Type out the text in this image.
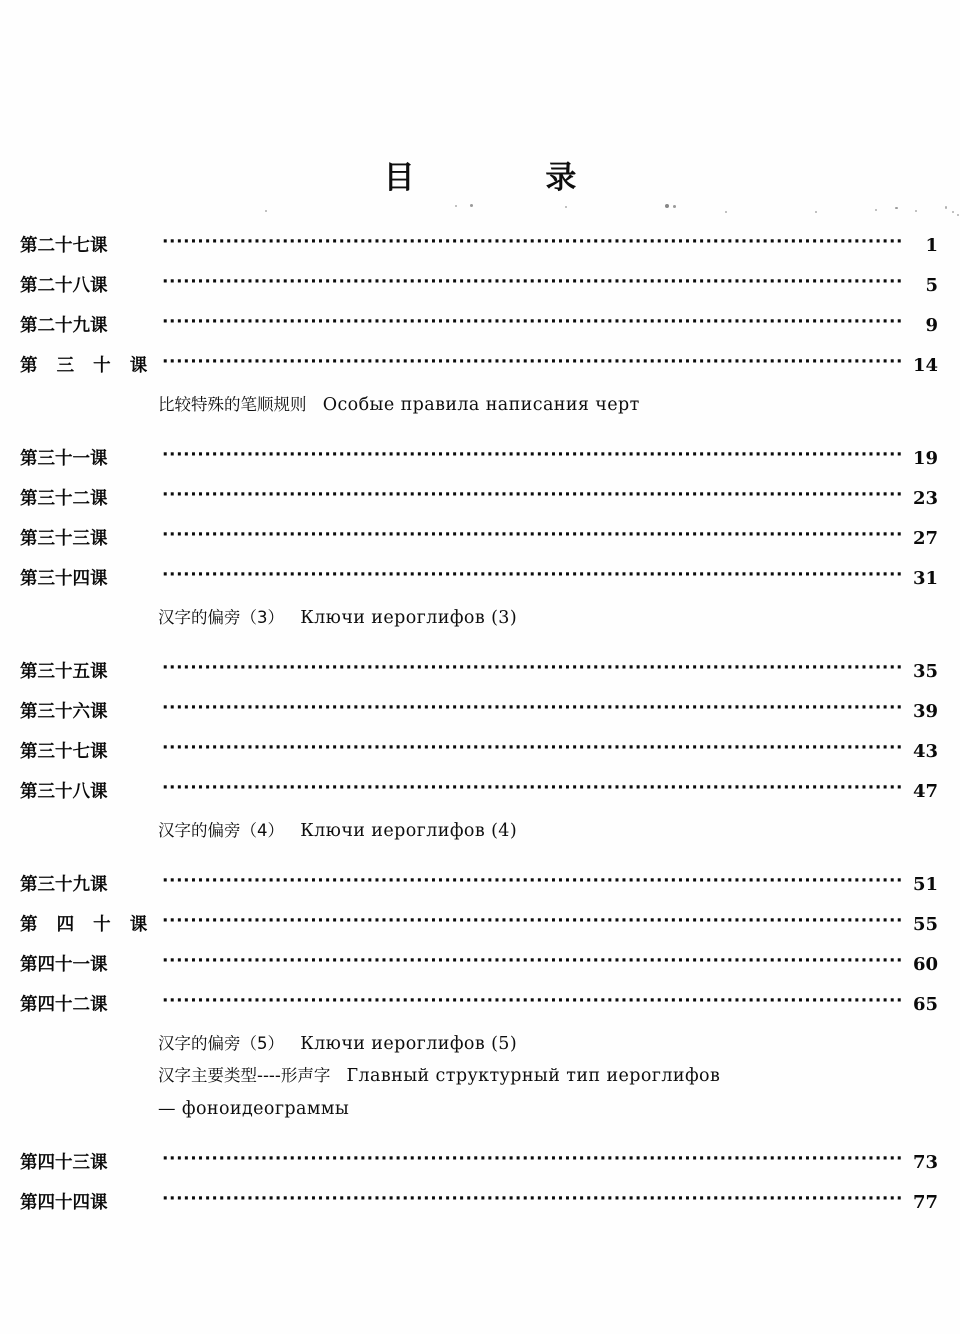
目 录
第二十七课 ·····	1
第二十八课 ·····	5
第二十九课 ·····	9
第 三 十 课 ·····	14
比较特殊的笔顺规则 Особые правила написания черт
第三十一课 ·····	19
第三十二课 ·····	23
第三十三课 ·····	27
第三十四课 ·····	31
汉字的偏旁（3） Ключи иероглифов (3)
第三十五课 ·····	35
第三十六课 ·····	39
第三十七课 ·····	43
第三十八课 ·····	47
汉字的偏旁（4） Ключи иероглифов (4)
第三十九课 ·····	51
第 四 十 课 ·····	55
第四十一课 ·····	60
第四十二课 ·····	65
汉字的偏旁（5） Ключи иероглифов (5)
汉字主要类型----形声字 Главный структурный тип иероглифов
— фоноидеограммы
第四十三课 ·····	73
第四十四课 ·····	77
